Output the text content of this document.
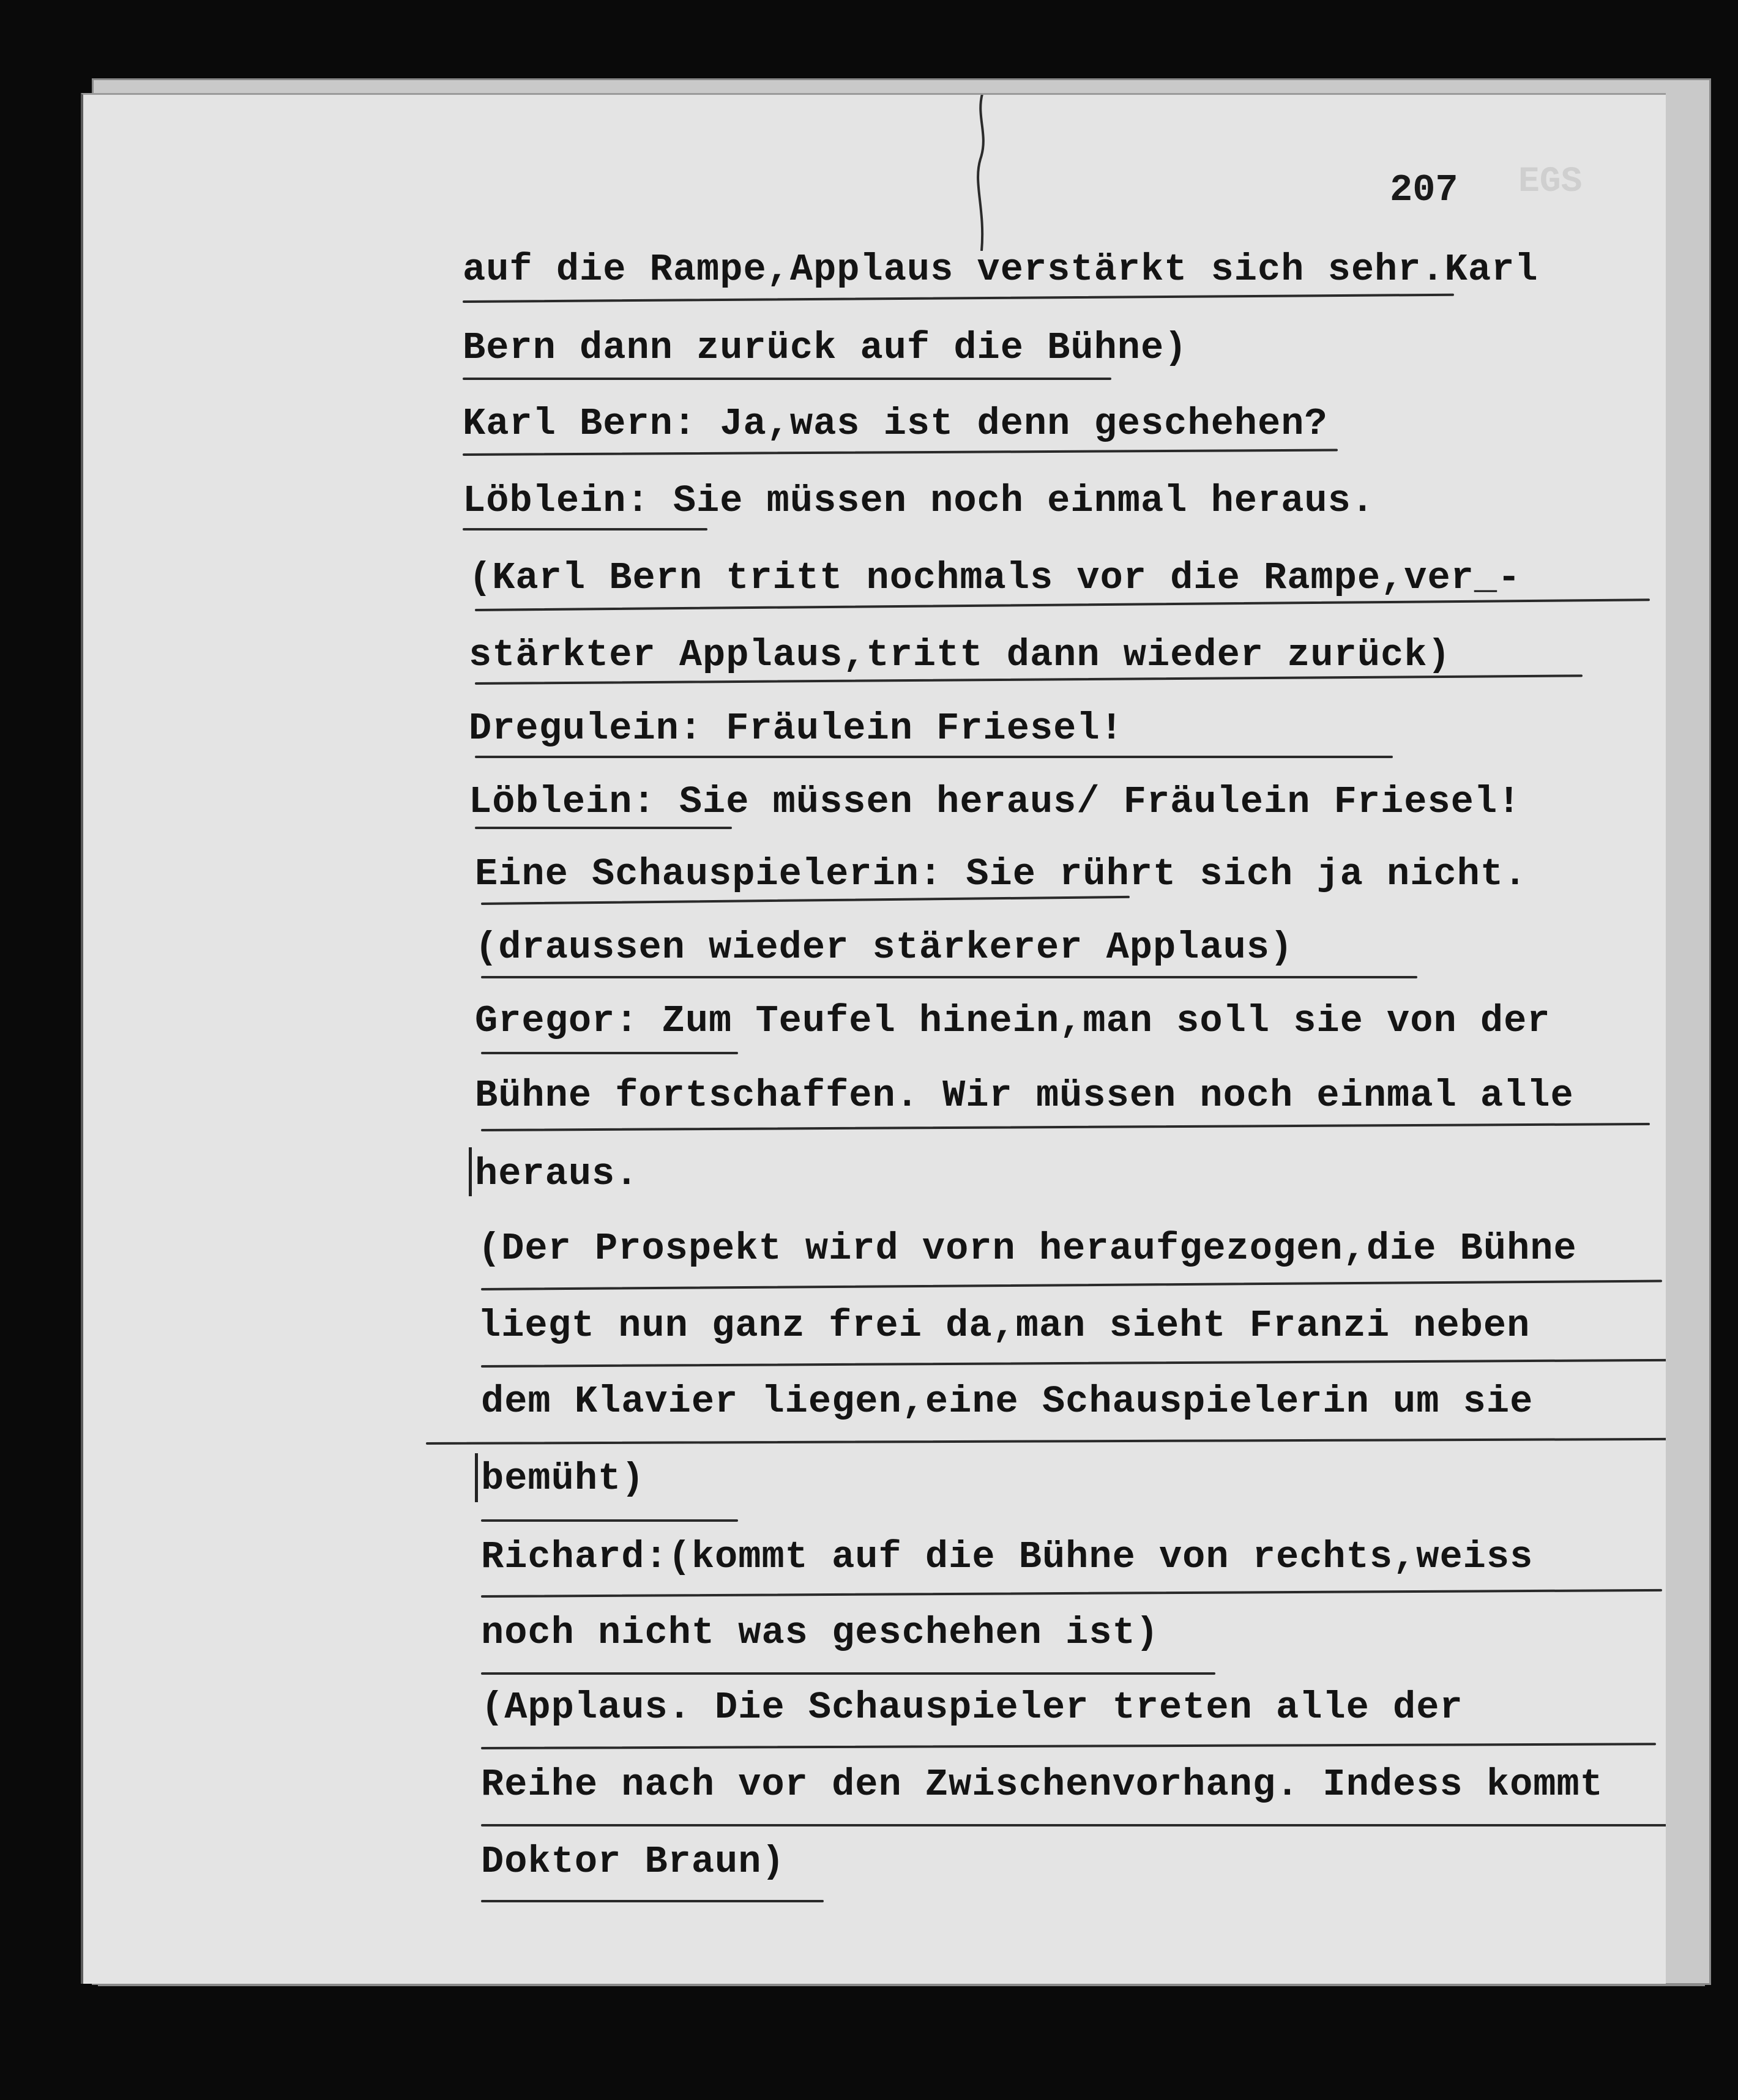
EGS
207
auf die Rampe,Applaus verstärkt sich sehr.Karl
Bern dann zurück auf die Bühne)
Karl Bern: Ja,was ist denn geschehen?
Löblein: Sie müssen noch einmal heraus.
(Karl Bern tritt nochmals vor die Rampe,ver_-
stärkter Applaus,tritt dann wieder zurück)
Dregulein: Fräulein Friesel!
Löblein: Sie müssen heraus/ Fräulein Friesel!
Eine Schauspielerin: Sie rührt sich ja nicht.
(draussen wieder stärkerer Applaus)
Gregor: Zum Teufel hinein,man soll sie von der
Bühne fortschaffen. Wir müssen noch einmal alle
heraus.
(Der Prospekt wird vorn heraufgezogen,die Bühne
liegt nun ganz frei da,man sieht Franzi neben
dem Klavier liegen,eine Schauspielerin um sie
bemüht)
Richard:(kommt auf die Bühne von rechts,weiss
noch nicht was geschehen ist)
(Applaus. Die Schauspieler treten alle der
Reihe nach vor den Zwischenvorhang. Indess kommt
Doktor Braun)
